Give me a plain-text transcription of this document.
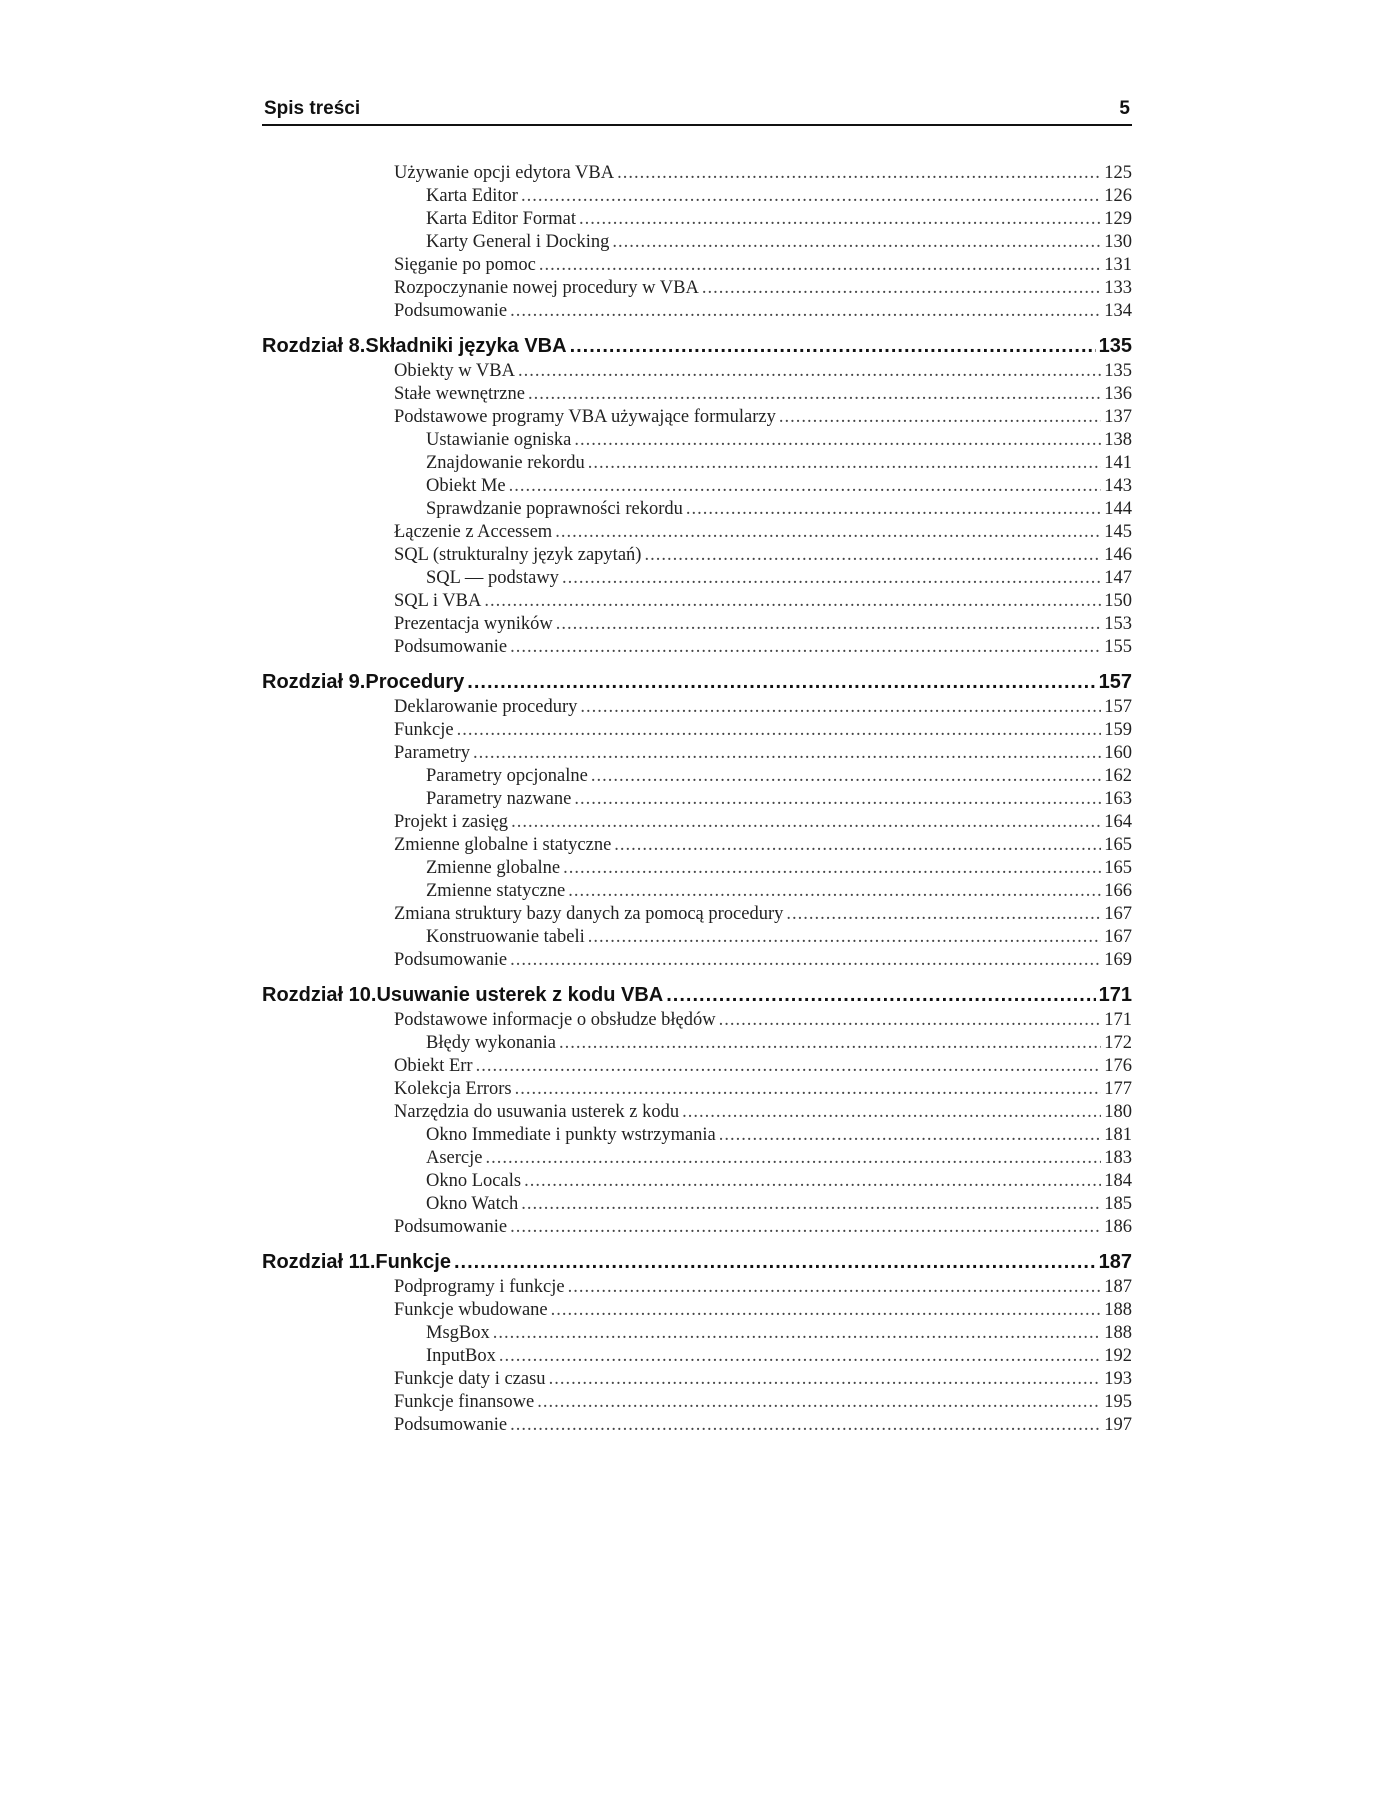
Spis treści	5
Używanie opcji edytora VBA .....	125
Karta Editor .....	126
Karta Editor Format .....	129
Karty General i Docking .....	130
Sięganie po pomoc .....	131
Rozpoczynanie nowej procedury w VBA .....	133
Podsumowanie .....	134
Rozdział 8. Składniki języka VBA .....	135
Obiekty w VBA .....	135
Stałe wewnętrzne .....	136
Podstawowe programy VBA używające formularzy .....	137
Ustawianie ogniska .....	138
Znajdowanie rekordu .....	141
Obiekt Me .....	143
Sprawdzanie poprawności rekordu .....	144
Łączenie z Accessem .....	145
SQL (strukturalny język zapytań) .....	146
SQL — podstawy .....	147
SQL i VBA .....	150
Prezentacja wyników .....	153
Podsumowanie .....	155
Rozdział 9. Procedury .....	157
Deklarowanie procedury .....	157
Funkcje .....	159
Parametry .....	160
Parametry opcjonalne .....	162
Parametry nazwane .....	163
Projekt i zasięg .....	164
Zmienne globalne i statyczne .....	165
Zmienne globalne .....	165
Zmienne statyczne .....	166
Zmiana struktury bazy danych za pomocą procedury .....	167
Konstruowanie tabeli .....	167
Podsumowanie .....	169
Rozdział 10. Usuwanie usterek z kodu VBA .....	171
Podstawowe informacje o obsłudze błędów .....	171
Błędy wykonania .....	172
Obiekt Err .....	176
Kolekcja Errors .....	177
Narzędzia do usuwania usterek z kodu .....	180
Okno Immediate i punkty wstrzymania .....	181
Asercje .....	183
Okno Locals .....	184
Okno Watch .....	185
Podsumowanie .....	186
Rozdział 11. Funkcje .....	187
Podprogramy i funkcje .....	187
Funkcje wbudowane .....	188
MsgBox .....	188
InputBox .....	192
Funkcje daty i czasu .....	193
Funkcje finansowe .....	195
Podsumowanie .....	197
